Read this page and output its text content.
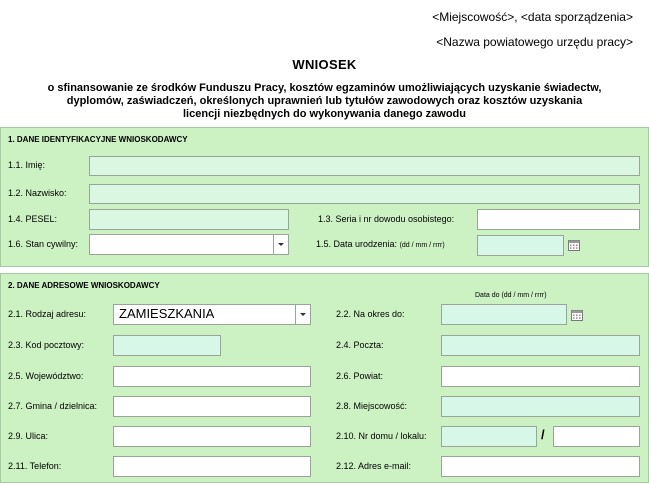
<Miejscowość>, <data sporządzenia>
<Nazwa powiatowego urzędu pracy>
WNIOSEK
o sfinansowanie ze środków Funduszu Pracy, kosztów egzaminów umożliwiających uzyskanie świadectw,
dyplomów, zaświadczeń, określonych uprawnień lub tytułów zawodowych oraz kosztów uzyskania
licencji niezbędnych do wykonywania danego zawodu
1. DANE IDENTYFIKACYJNE WNIOSKODAWCY
1.1. Imię:
1.2. Nazwisko:
1.4. PESEL:	1.3. Seria i nr dowodu osobistego:
1.6. Stan cywilny:	1.5. Data urodzenia: (dd / mm / rrrr)
2. DANE ADRESOWE WNIOSKODAWCY
Data do (dd / mm / rrrr)
2.1. Rodzaj adresu:	ZAMIESZKANIA	2.2. Na okres do:
2.3. Kod pocztowy:	2.4. Poczta:
2.5. Województwo:	2.6. Powiat:
2.7. Gmina / dzielnica:	2.8. Miejscowość:
2.9. Ulica:	2.10. Nr domu / lokalu:	/
2.11. Telefon:	2.12. Adres e-mail:
